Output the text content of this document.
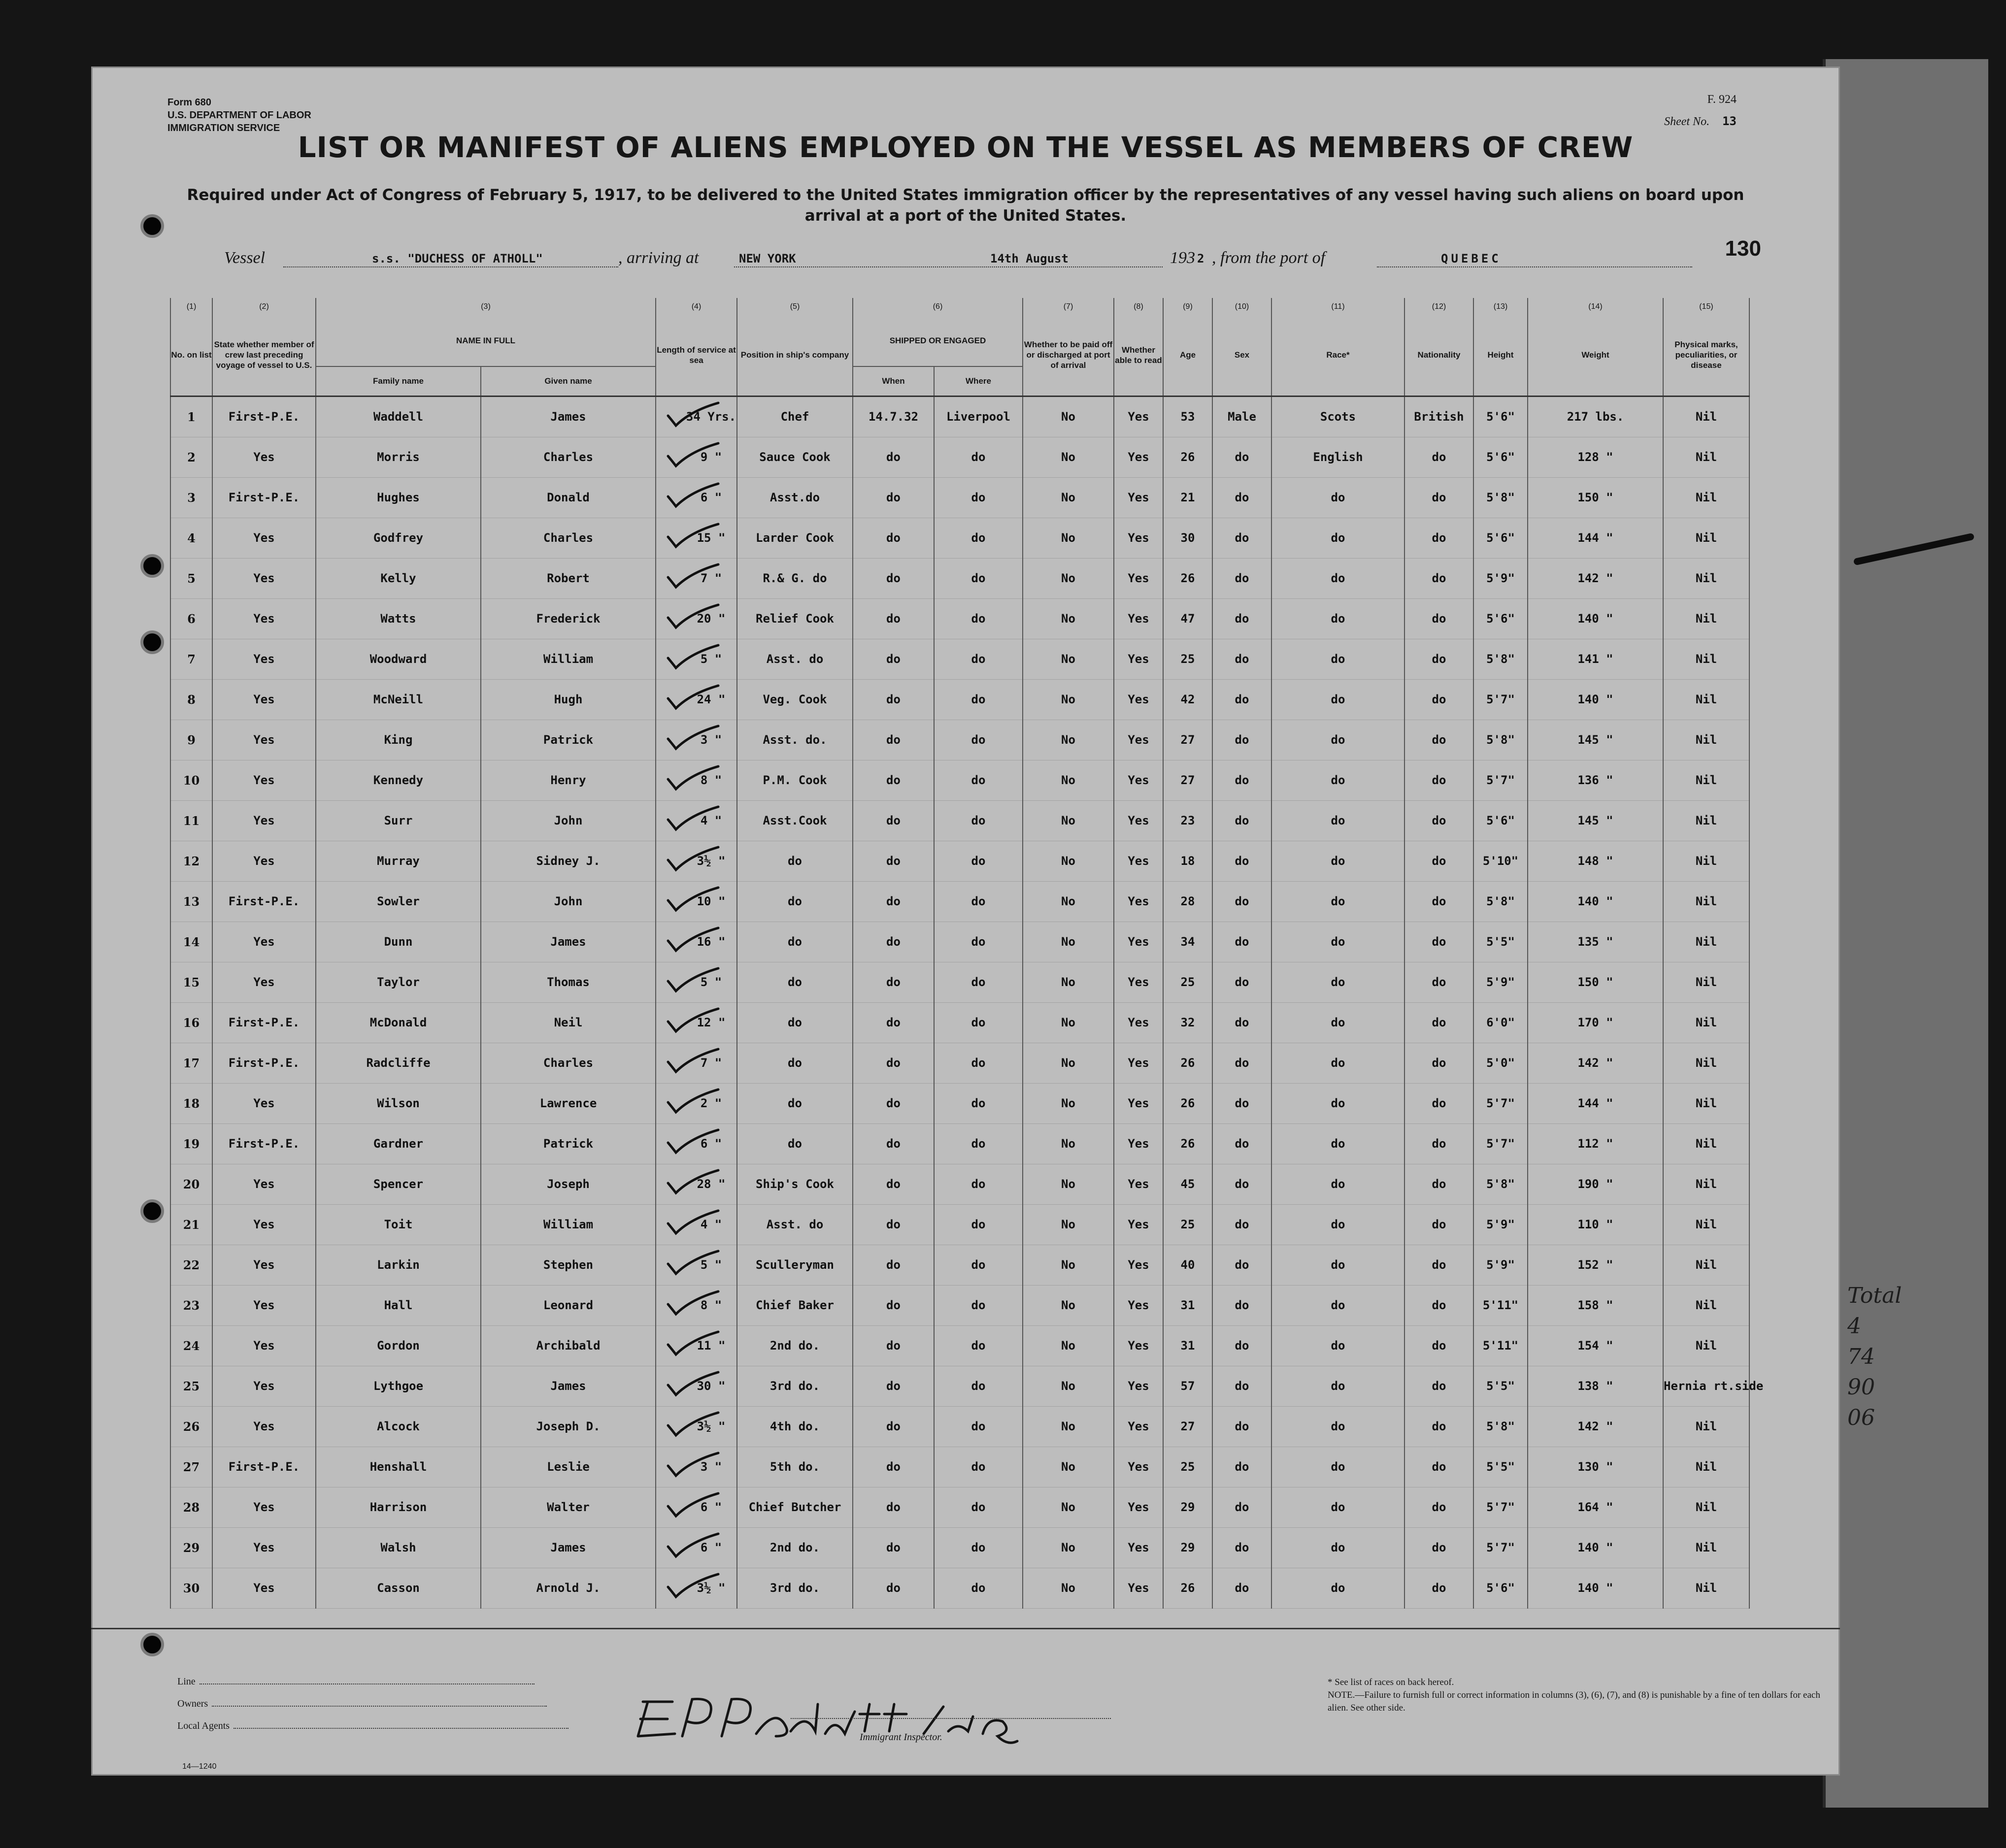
Form 680
U.S. DEPARTMENT OF LABOR
IMMIGRATION SERVICE
F. 924
Sheet No. 13
LIST OR MANIFEST OF ALIENS EMPLOYED ON THE VESSEL AS MEMBERS OF CREW
Required under Act of Congress of February 5, 1917, to be delivered to the United States immigration officer by the representatives of any vessel having such aliens on board upon arrival at a port of the United States.
Vessel	s.s. "DUCHESS OF ATHOLL"	, arriving at	NEW YORK	14th August	193 2 , from the port of	QUEBEC	130
(1)	(2)	(3)		(4)	(5)	(6)		(7)	(8)	(9)	(10)	(11)	(12)	(13)	(14)	(15)	
No. on list	State whether member of crew last preceding voyage of vessel to U.S.	NAME IN FULL		Length of service at sea	Position in ship's company	SHIPPED OR ENGAGED		Whether to be paid off or discharged at port of arrival	Whether able to read	Age	Sex	Race*	Nationality	Height	Weight	Physical marks, peculiarities, or disease	
		Family name	Given name			When	Where										
1	First-P.E.	Waddell	James	34 Yrs.	Chef	14.7.32	Liverpool	No	Yes	53	Male	Scots	British	5'6"	217 lbs.	Nil	
2	Yes	Morris	Charles	9 "	Sauce Cook	do	do	No	Yes	26	do	English	do	5'6"	128 "	Nil	
3	First-P.E.	Hughes	Donald	6 "	Asst.do	do	do	No	Yes	21	do	do	do	5'8"	150 "	Nil	
4	Yes	Godfrey	Charles	15 "	Larder Cook	do	do	No	Yes	30	do	do	do	5'6"	144 "	Nil	
5	Yes	Kelly	Robert	7 "	R.& G. do	do	do	No	Yes	26	do	do	do	5'9"	142 "	Nil	
6	Yes	Watts	Frederick	20 "	Relief Cook	do	do	No	Yes	47	do	do	do	5'6"	140 "	Nil	
7	Yes	Woodward	William	5 "	Asst. do	do	do	No	Yes	25	do	do	do	5'8"	141 "	Nil	
8	Yes	McNeill	Hugh	24 "	Veg. Cook	do	do	No	Yes	42	do	do	do	5'7"	140 "	Nil	
9	Yes	King	Patrick	3 "	Asst. do.	do	do	No	Yes	27	do	do	do	5'8"	145 "	Nil	
10	Yes	Kennedy	Henry	8 "	P.M. Cook	do	do	No	Yes	27	do	do	do	5'7"	136 "	Nil	
11	Yes	Surr	John	4 "	Asst.Cook	do	do	No	Yes	23	do	do	do	5'6"	145 "	Nil	
12	Yes	Murray	Sidney J.	3½ "	do	do	do	No	Yes	18	do	do	do	5'10"	148 "	Nil	
13	First-P.E.	Sowler	John	10 "	do	do	do	No	Yes	28	do	do	do	5'8"	140 "	Nil	
14	Yes	Dunn	James	16 "	do	do	do	No	Yes	34	do	do	do	5'5"	135 "	Nil	
15	Yes	Taylor	Thomas	5 "	do	do	do	No	Yes	25	do	do	do	5'9"	150 "	Nil	
16	First-P.E.	McDonald	Neil	12 "	do	do	do	No	Yes	32	do	do	do	6'0"	170 "	Nil	
17	First-P.E.	Radcliffe	Charles	7 "	do	do	do	No	Yes	26	do	do	do	5'0"	142 "	Nil	
18	Yes	Wilson	Lawrence	2 "	do	do	do	No	Yes	26	do	do	do	5'7"	144 "	Nil	
19	First-P.E.	Gardner	Patrick	6 "	do	do	do	No	Yes	26	do	do	do	5'7"	112 "	Nil	
20	Yes	Spencer	Joseph	28 "	Ship's Cook	do	do	No	Yes	45	do	do	do	5'8"	190 "	Nil	
21	Yes	Toit	William	4 "	Asst. do	do	do	No	Yes	25	do	do	do	5'9"	110 "	Nil	
22	Yes	Larkin	Stephen	5 "	Sculleryman	do	do	No	Yes	40	do	do	do	5'9"	152 "	Nil	
23	Yes	Hall	Leonard	8 "	Chief Baker	do	do	No	Yes	31	do	do	do	5'11"	158 "	Nil	
24	Yes	Gordon	Archibald	11 "	2nd do.	do	do	No	Yes	31	do	do	do	5'11"	154 "	Nil	
25	Yes	Lythgoe	James	30 "	3rd do.	do	do	No	Yes	57	do	do	do	5'5"	138 "	Hernia rt.side	
26	Yes	Alcock	Joseph D.	3½ "	4th do.	do	do	No	Yes	27	do	do	do	5'8"	142 "	Nil	
27	First-P.E.	Henshall	Leslie	3 "	5th do.	do	do	No	Yes	25	do	do	do	5'5"	130 "	Nil	
28	Yes	Harrison	Walter	6 "	Chief Butcher	do	do	No	Yes	29	do	do	do	5'7"	164 "	Nil	
29	Yes	Walsh	James	6 "	2nd do.	do	do	No	Yes	29	do	do	do	5'7"	140 "	Nil	
30	Yes	Casson	Arnold J.	3½ "	3rd do.	do	do	No	Yes	26	do	do	do	5'6"	140 "	Nil	
Line
Owners
Local Agents
14—1240
Immigrant Inspector.
* See list of races on back hereof.
NOTE.—Failure to furnish full or correct information in columns (3), (6), (7), and (8) is punishable by a fine of ten dollars for each alien. See other side.
Total
4
74
90
06
